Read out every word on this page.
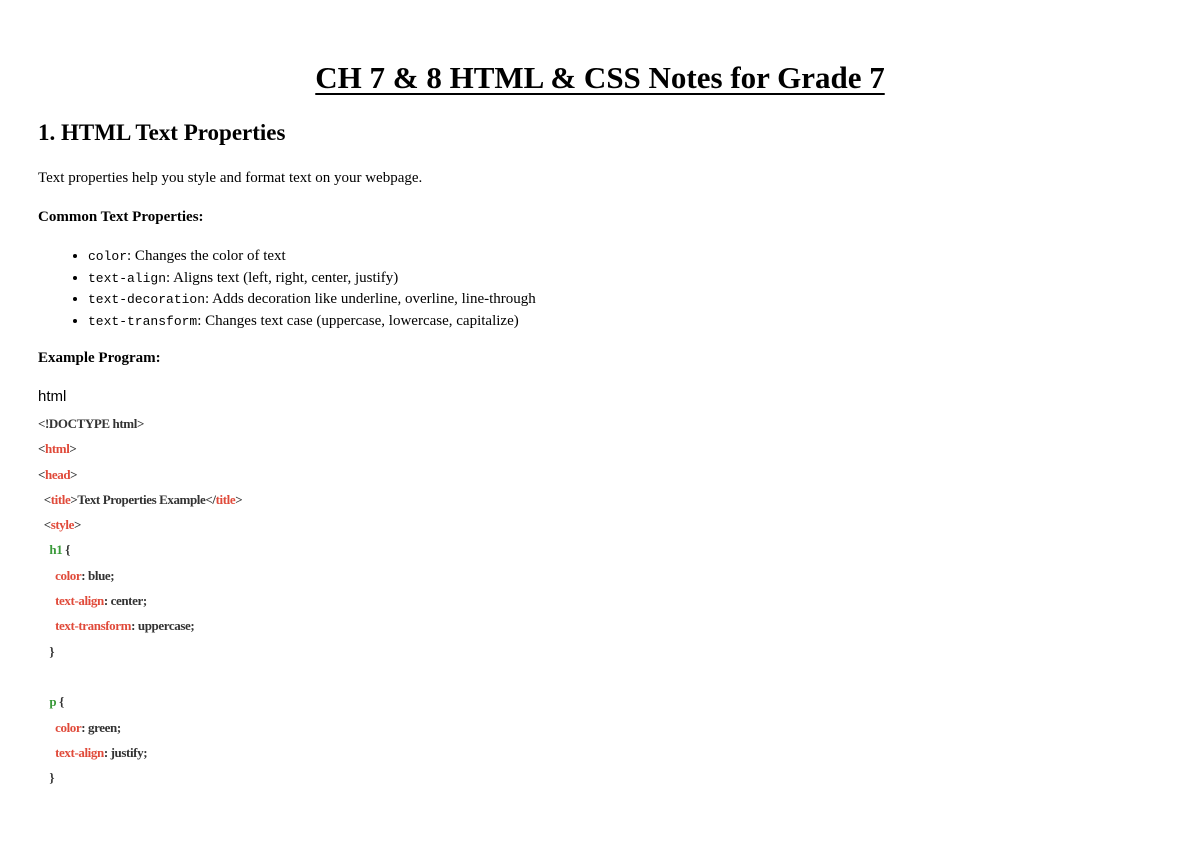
CH 7 & 8 HTML & CSS Notes for Grade 7
1. HTML Text Properties

Text properties help you style and format text on your webpage.

Common Text Properties:

• color: Changes the color of text
• text-align: Aligns text (left, right, center, justify)
• text-decoration: Adds decoration like underline, overline, line-through
• text-transform: Changes text case (uppercase, lowercase, capitalize)

Example Program:

html

<!DOCTYPE html>
<html>
<head>
<title>Text Properties Example</title>
<style>
h1 {
color: blue;
text-align: center;
text-transform: uppercase;
}
p {
color: green;
text-align: justify;
}
